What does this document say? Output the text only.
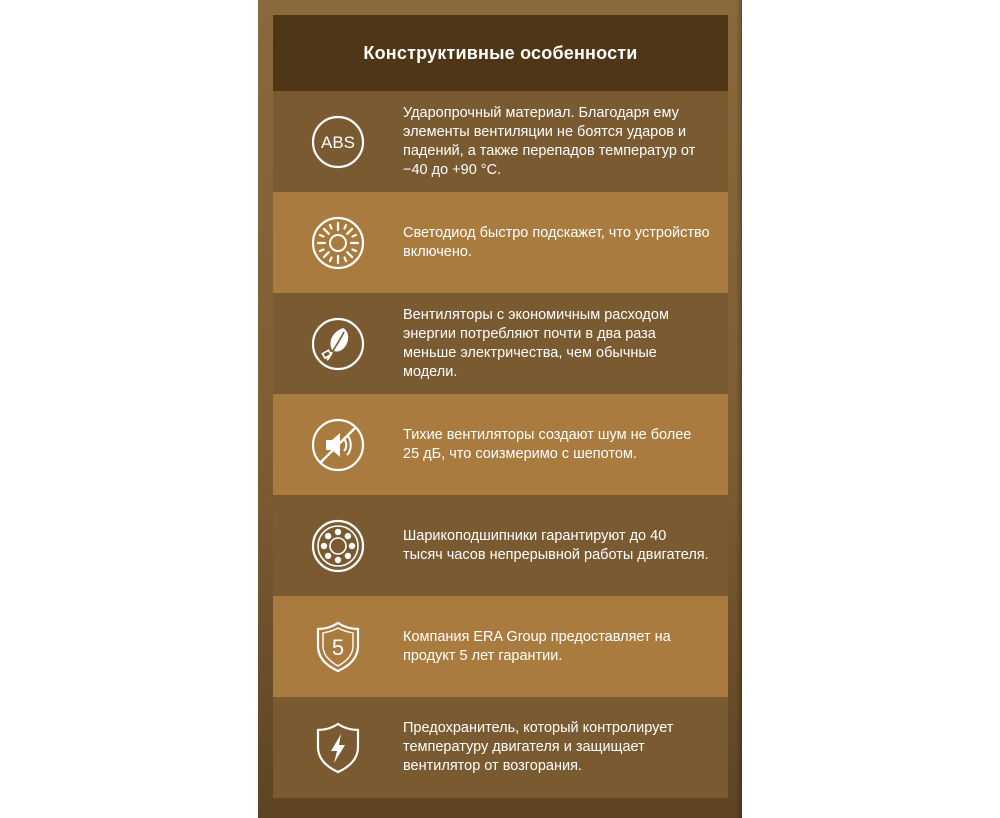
Конструктивные особенности
ABS
Ударопрочный материал. Благодаря ему элементы вентиляции не боятся ударов и падений, а также перепадов температур от −40 до +90 °С.
Светодиод быстро подскажет, что устройство включено.
Вентиляторы с экономичным расходом энергии потребляют почти в два раза меньше электричества, чем обычные модели.
Тихие вентиляторы создают шум не более 25 дБ, что соизмеримо с шепотом.
Шарикоподшипники гарантируют до 40 тысяч часов непрерывной работы двигателя.
5	Компания ERA Group предоставляет на продукт 5 лет гарантии.
Предохранитель, который контролирует температуру двигателя и защищает вентилятор от возгорания.
